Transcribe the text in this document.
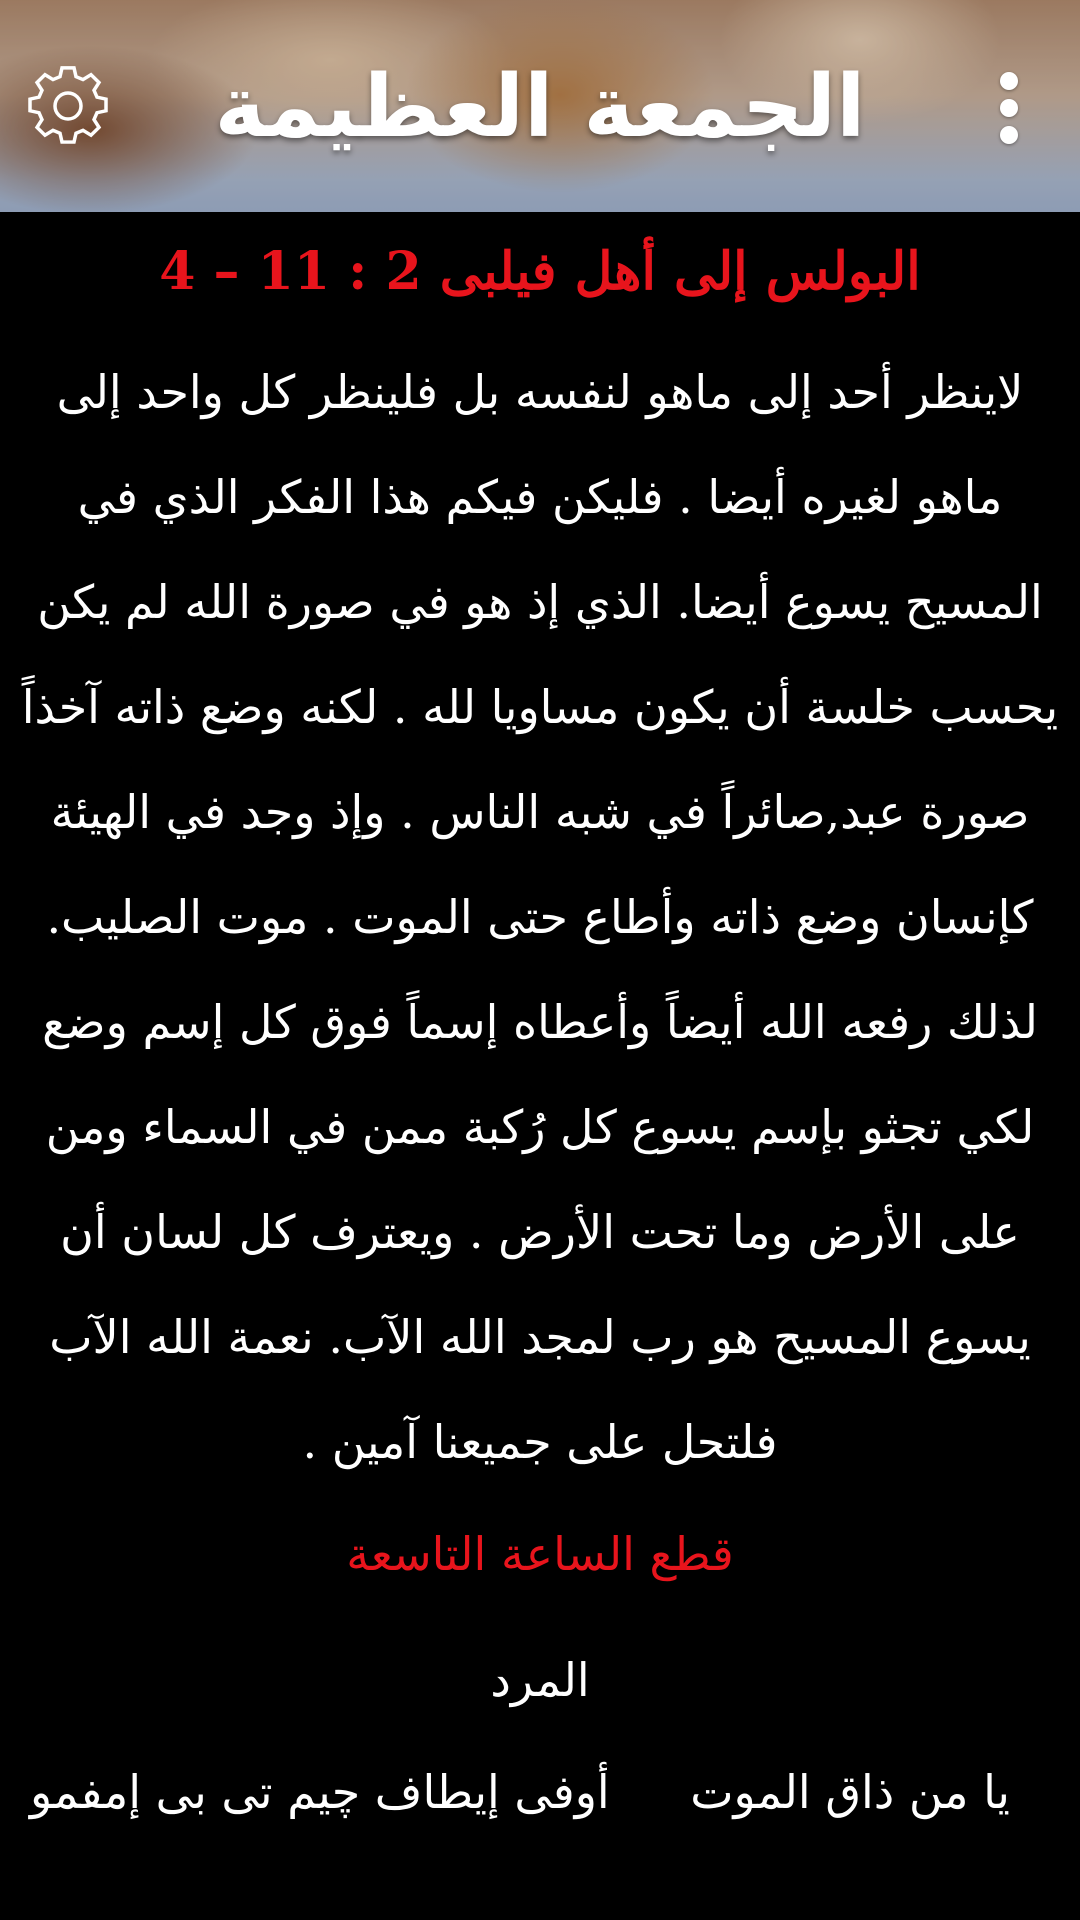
الجمعة العظيمة
البولس إلى أهل فيلبى 2 : 11 – 4
لاينظر أحد إلى ماهو لنفسه بل فلينظر كل واحد إلى ماهو لغيره أيضا . فليكن فيكم هذا الفكر الذي في المسيح يسوع أيضا. الذي إذ هو في صورة الله لم يكن يحسب خلسة أن يكون مساويا لله . لكنه وضع ذاته آخذاً صورة عبد,صائراً في شبه الناس . وإذ وجد في الهيئة كإنسان وضع ذاته وأطاع حتى الموت . موت الصليب. لذلك رفعه الله أيضاً وأعطاه إسماً فوق كل إسم وضع لكي تجثو بإسم يسوع كل رُكبة ممن في السماء ومن على الأرض وما تحت الأرض . ويعترف كل لسان أن يسوع المسيح هو رب لمجد الله الآب. نعمة الله الآب فلتحل على جميعنا آمين .
قطع الساعة التاسعة
المرد
يا من ذاق الموت
أوفى إيطاف چيم تى بى إمفمو
